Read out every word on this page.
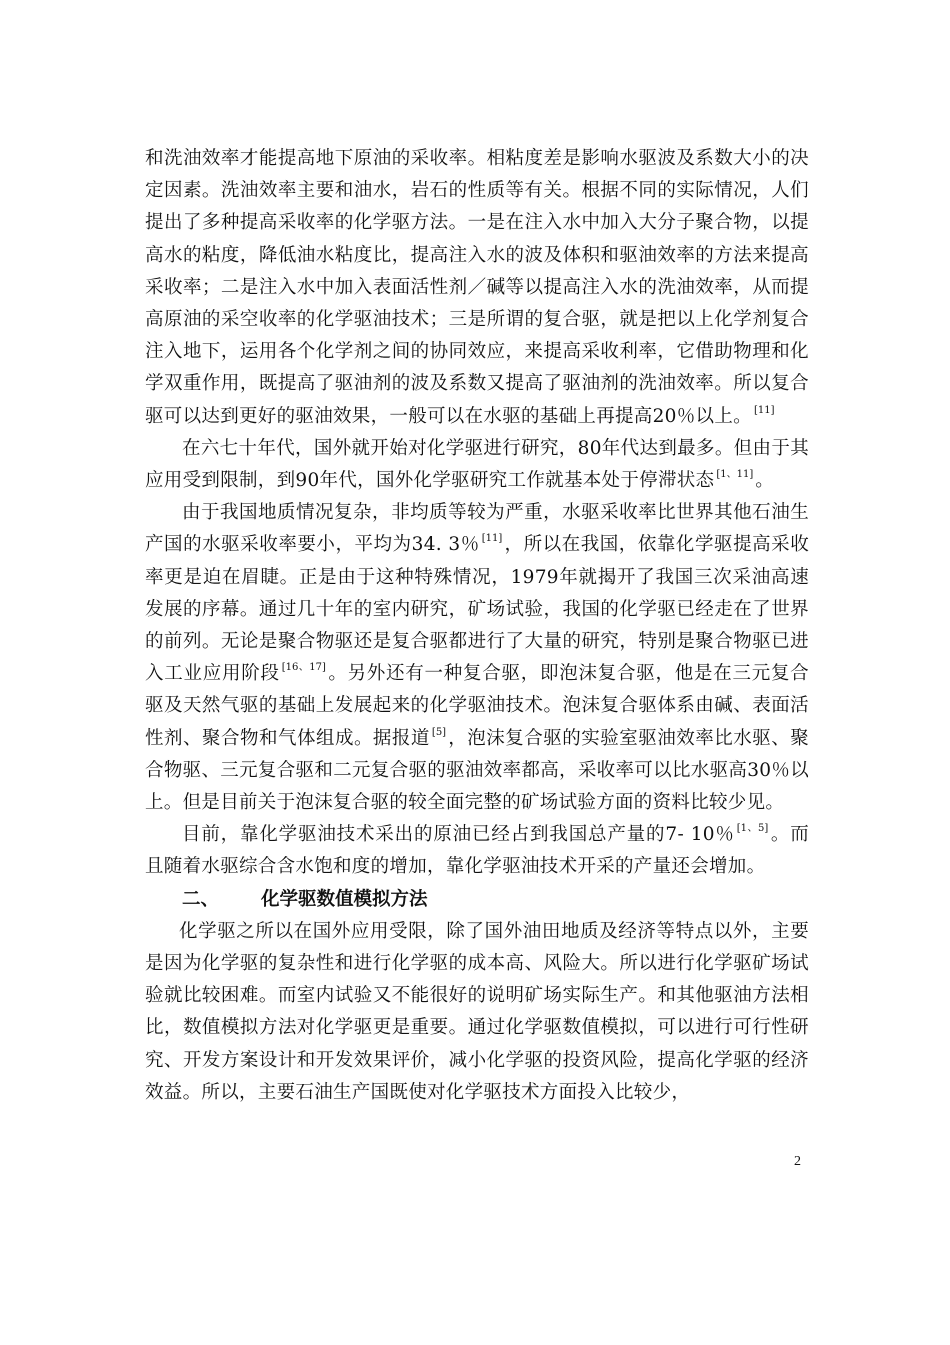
和洗油效率才能提高地下原油的采收率。相粘度差是影响水驱波及系数大小的决定因素。洗油效率主要和油水，岩石的性质等有关。根据不同的实际情况，人们提出了多种提高采收率的化学驱方法。一是在注入水中加入大分子聚合物，以提高水的粘度，降低油水粘度比，提高注入水的波及体积和驱油效率的方法来提高采收率；二是注入水中加入表面活性剂／碱等以提高注入水的洗油效率，从而提高原油的采空收率的化学驱油技术；三是所谓的复合驱，就是把以上化学剂复合注入地下，运用各个化学剂之间的协同效应，来提高采收利率，它借助物理和化学双重作用，既提高了驱油剂的波及系数又提高了驱油剂的洗油效率。所以复合驱可以达到更好的驱油效果，一般可以在水驱的基础上再提高20％以上。 [11]

在六七十年代，国外就开始对化学驱进行研究，80年代达到最多。但由于其应用受到限制，到90年代，国外化学驱研究工作就基本处于停滞状态 [1、11] 。

由于我国地质情况复杂，非均质等较为严重，水驱采收率比世界其他石油生产国的水驱采收率要小，平均为34. 3％ [11] ，所以在我国，依靠化学驱提高采收率更是迫在眉睫。正是由于这种特殊情况，1979年就揭开了我国三次采油高速发展的序幕。通过几十年的室内研究，矿场试验，我国的化学驱已经走在了世界的前列。无论是聚合物驱还是复合驱都进行了大量的研究，特别是聚合物驱已进入工业应用阶段 [16、17] 。另外还有一种复合驱，即泡沫复合驱，他是在三元复合驱及天然气驱的基础上发展起来的化学驱油技术。泡沫复合驱体系由碱、表面活性剂、聚合物和气体组成。据报道 [5] ，泡沫复合驱的实验室驱油效率比水驱、聚合物驱、三元复合驱和二元复合驱的驱油效率都高，采收率可以比水驱高30％以上。但是目前关于泡沫复合驱的较全面完整的矿场试验方面的资料比较少见。

目前，靠化学驱油技术采出的原油已经占到我国总产量的7- 10％ [1、5] 。而且随着水驱综合含水饱和度的增加，靠化学驱油技术开采的产量还会增加。

二、	化学驱数值模拟方法

化学驱之所以在国外应用受限，除了国外油田地质及经济等特点以外，主要是因为化学驱的复杂性和进行化学驱的成本高、风险大。所以进行化学驱矿场试验就比较困难。而室内试验又不能很好的说明矿场实际生产。和其他驱油方法相比，数值模拟方法对化学驱更是重要。通过化学驱数值模拟，可以进行可行性研究、开发方案设计和开发效果评价，减小化学驱的投资风险，提高化学驱的经济效益。所以，主要石油生产国既使对化学驱技术方面投入比较少，

2
